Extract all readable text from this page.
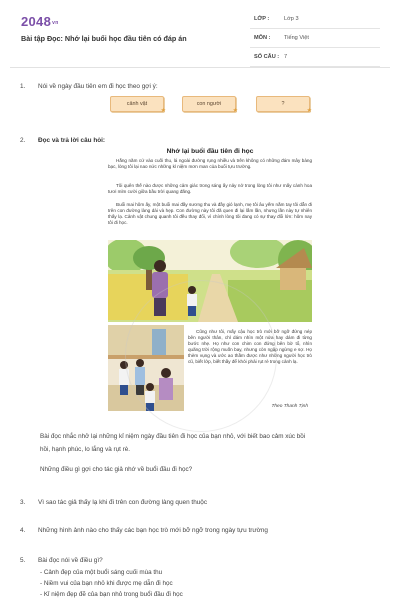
2048vn
Bài tập Đọc: Nhớ lại buổi học đầu tiên có đáp án
LỚP :	Lớp 3
MÔN : Tiếng Việt
SỐ CÂU : 7
1. Nói về ngày đầu tiên em đi học theo gợi ý:
cảnh vật
★
con người
★
?
★
2. Đọc và trả lời câu hỏi:
Nhớ lại buổi đầu tiên đi học
Hằng năm cứ vào cuối thu, lá ngoài đường rụng nhiều và trên không có những đám mây bàng bạc, lòng tôi lại nao nức những kỉ niệm mơn man của buổi tựu trường.
Tôi quên thế nào được những cảm giác trong sáng ấy nảy nở trong lòng tôi như mấy cành hoa tươi mỉm cười giữa bầu trời quang đãng.
Buổi mai hôm ấy, một buổi mai đầy sương thu và đầy gió lạnh, mẹ tôi âu yếm nắm tay tôi dẫn đi trên con đường làng dài và hẹp. Con đường này tôi đã quen đi lại lắm lần, nhưng lần này tự nhiên thấy lạ. Cảnh vật chung quanh tôi đều thay đổi, vì chính lòng tôi đang có sự thay đổi lớn: hôm nay tôi đi học.
Cũng như tôi, mấy cậu học trò mới bỡ ngỡ đứng nép bên người thân, chỉ dám nhìn một nửa hay dám đi từng bước nhẹ. Họ như con chim con đứng bên bờ tổ, nhìn quãng trời rộng muốn bay, nhưng còn ngập ngừng e sợ. Họ thèm vụng và ước ao thầm được như những người học trò cũ, biết lớp, biết thầy để khỏi phải rụt rè trong cảnh lạ.
Theo Thanh Tịnh
Bài đọc nhắc nhở lại những kỉ niệm ngày đầu tiên đi học của bạn nhỏ, với biết bao cảm xúc bồi
hồi, hạnh phúc, lo lắng và rụt rè.
Những điều gì gợi cho tác giả nhớ về buổi đầu đi học?
3. Vì sao tác giả thấy lạ khi đi trên con đường làng quen thuộc
4. Những hình ảnh nào cho thấy các bạn học trò mới bỡ ngỡ trong ngày tựu trường
5. Bài đọc nói về điều gì?
- Cảnh đẹp của một buổi sáng cuối mùa thu
- Niềm vui của bạn nhỏ khi được mẹ dẫn đi học
- Kỉ niệm đẹp đẽ của bạn nhỏ trong buổi đầu đi học
